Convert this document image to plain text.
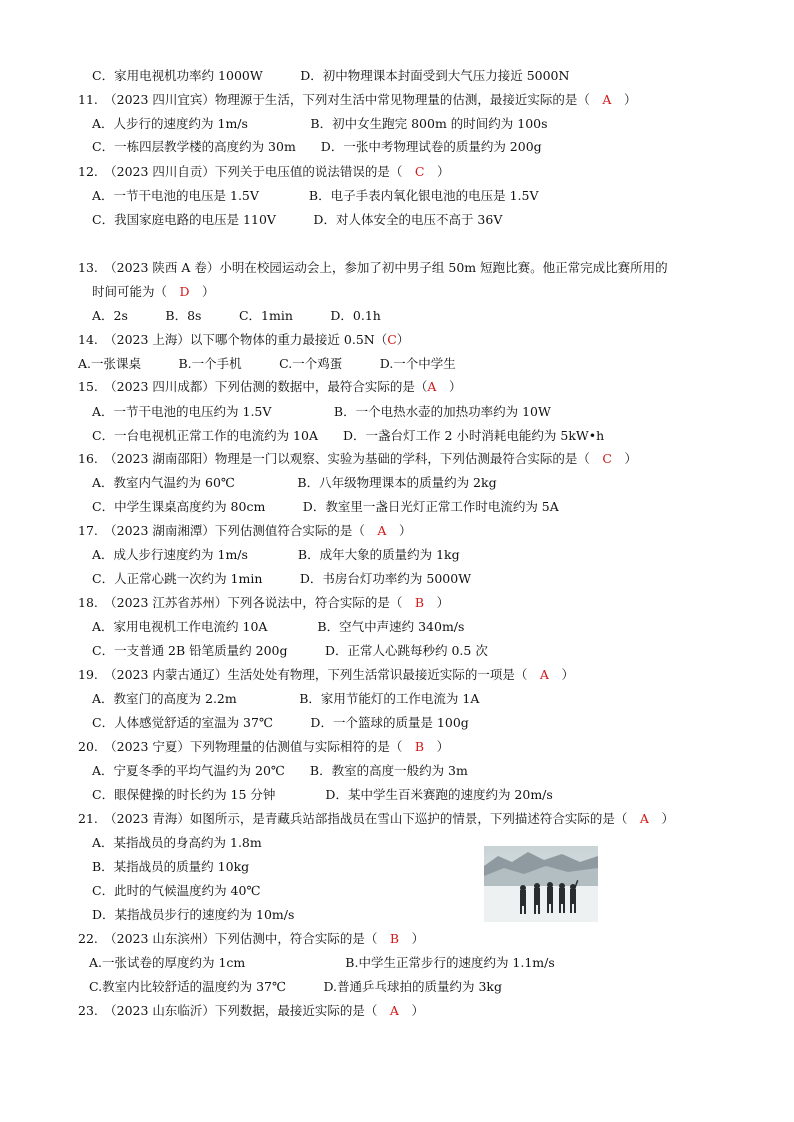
C．家用电视机功率约 1000W　　　D．初中物理课本封面受到大气压力接近 5000N
11.　（2023 四川宜宾）物理源于生活，下列对生活中常见物理量的估测，最接近实际的是（　A　）
A．人步行的速度约为 1m/s　　　　　B．初中女生跑完 800m 的时间约为 100s
C．一栋四层教学楼的高度约为 30m　　D．一张中考物理试卷的质量约为 200g
12.　（2023 四川自贡）下列关于电压值的说法错误的是（　C　）
A．一节干电池的电压是 1.5V　　　　B．电子手表内氧化银电池的电压是 1.5V
C．我国家庭电路的电压是 110V　　　D．对人体安全的电压不高于 36V
13.　（2023 陕西 A 卷）小明在校园运动会上，参加了初中男子组 50m 短跑比赛。他正常完成比赛所用的
时间可能为（　D　）
A．2s　　　B．8s　　　C．1min　　　D．0.1h
14.　（2023 上海）以下哪个物体的重力最接近 0.5N（C）
A.一张课桌　　　B.一个手机　　　C.一个鸡蛋　　　D.一个中学生
15.　（2023 四川成都）下列估测的数据中，最符合实际的是（A　）
A．一节干电池的电压约为 1.5V　　　　　B．一个电热水壶的加热功率约为 10W
C．一台电视机正常工作的电流约为 10A　　D．一盏台灯工作 2 小时消耗电能约为 5kW•h
16.　（2023 湖南邵阳）物理是一门以观察、实验为基础的学科，下列估测最符合实际的是（　C　）
A．教室内气温约为 60℃　　　　　B．八年级物理课本的质量约为 2kg
C．中学生课桌高度约为 80cm　　　D．教室里一盏日光灯正常工作时电流约为 5A
17.　（2023 湖南湘潭）下列估测值符合实际的是（　A　）
A．成人步行速度约为 1m/s　　　　B．成年大象的质量约为 1kg
C．人正常心跳一次约为 1min　　　D．书房台灯功率约为 5000W
18.　（2023 江苏省苏州）下列各说法中，符合实际的是（　B　）
A．家用电视机工作电流约 10A　　　　B．空气中声速约 340m/s
C．一支普通 2B 铅笔质量约 200g　　　D．正常人心跳每秒约 0.5 次
19.　（2023 内蒙古通辽）生活处处有物理，下列生活常识最接近实际的一项是（　A　）
A．教室门的高度为 2.2m　　　　　B．家用节能灯的工作电流为 1A
C．人体感觉舒适的室温为 37℃　　　D．一个篮球的质量是 100g
20.　（2023 宁夏）下列物理量的估测值与实际相符的是（　B　）
A．宁夏冬季的平均气温约为 20℃　　B．教室的高度一般约为 3m
C．眼保健操的时长约为 15 分钟　　　　D．某中学生百米赛跑的速度约为 20m/s
21.　（2023 青海）如图所示，是青藏兵站部指战员在雪山下巡护的情景，下列描述符合实际的是（　A　）
A．某指战员的身高约为 1.8m
B．某指战员的质量约 10kg
C．此时的气候温度约为 40℃
D．某指战员步行的速度约为 10m/s
22.　（2023 山东滨州）下列估测中，符合实际的是（　B　）
A.一张试卷的厚度约为 1cm　　　　　　　　B.中学生正常步行的速度约为 1.1m/s
C.教室内比较舒适的温度约为 37℃　　　D.普通乒乓球拍的质量约为 3kg
23.　（2023 山东临沂）下列数据，最接近实际的是（　A　）
